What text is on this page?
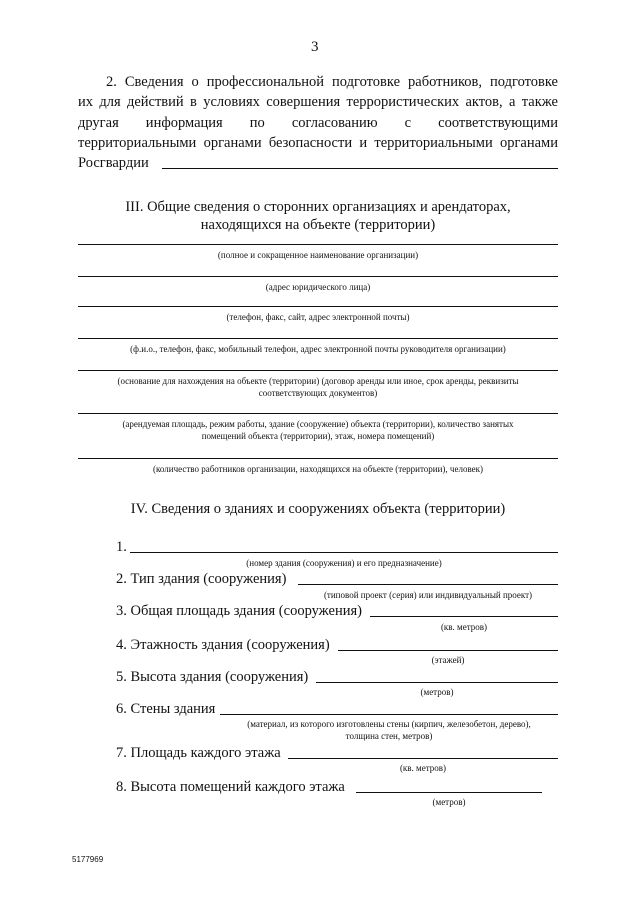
3
2. Сведения о профессиональной подготовке работников, подготовке
их для действий в условиях совершения террористических актов, а также
другая информация по согласованию с соответствующими
территориальными органами безопасности и территориальными органами
Росгвардии
III. Общие сведения о сторонних организациях и арендаторах,
находящихся на объекте (территории)
(полное и сокращенное наименование организации)
(адрес юридического лица)
(телефон, факс, сайт, адрес электронной почты)
(ф.и.о., телефон, факс, мобильный телефон, адрес электронной почты руководителя организации)
(основание для нахождения на объекте (территории) (договор аренды или иное, срок аренды, реквизиты
соответствующих документов)
(арендуемая площадь, режим работы, здание (сооружение) объекта (территории), количество занятых
помещений объекта (территории), этаж, номера помещений)
(количество работников организации, находящихся на объекте (территории), человек)
IV. Сведения о зданиях и сооружениях объекта (территории)
1.
(номер здания (сооружения) и его предназначение)
2. Тип здания (сооружения)
(типовой проект (серия) или индивидуальный проект)
3. Общая площадь здания (сооружения)
(кв. метров)
4. Этажность здания (сооружения)
(этажей)
5. Высота здания (сооружения)
(метров)
6. Стены здания
(материал, из которого изготовлены стены (кирпич, железобетон, дерево),
толщина стен, метров)
7. Площадь каждого этажа
(кв. метров)
8. Высота помещений каждого этажа
(метров)
5177969
